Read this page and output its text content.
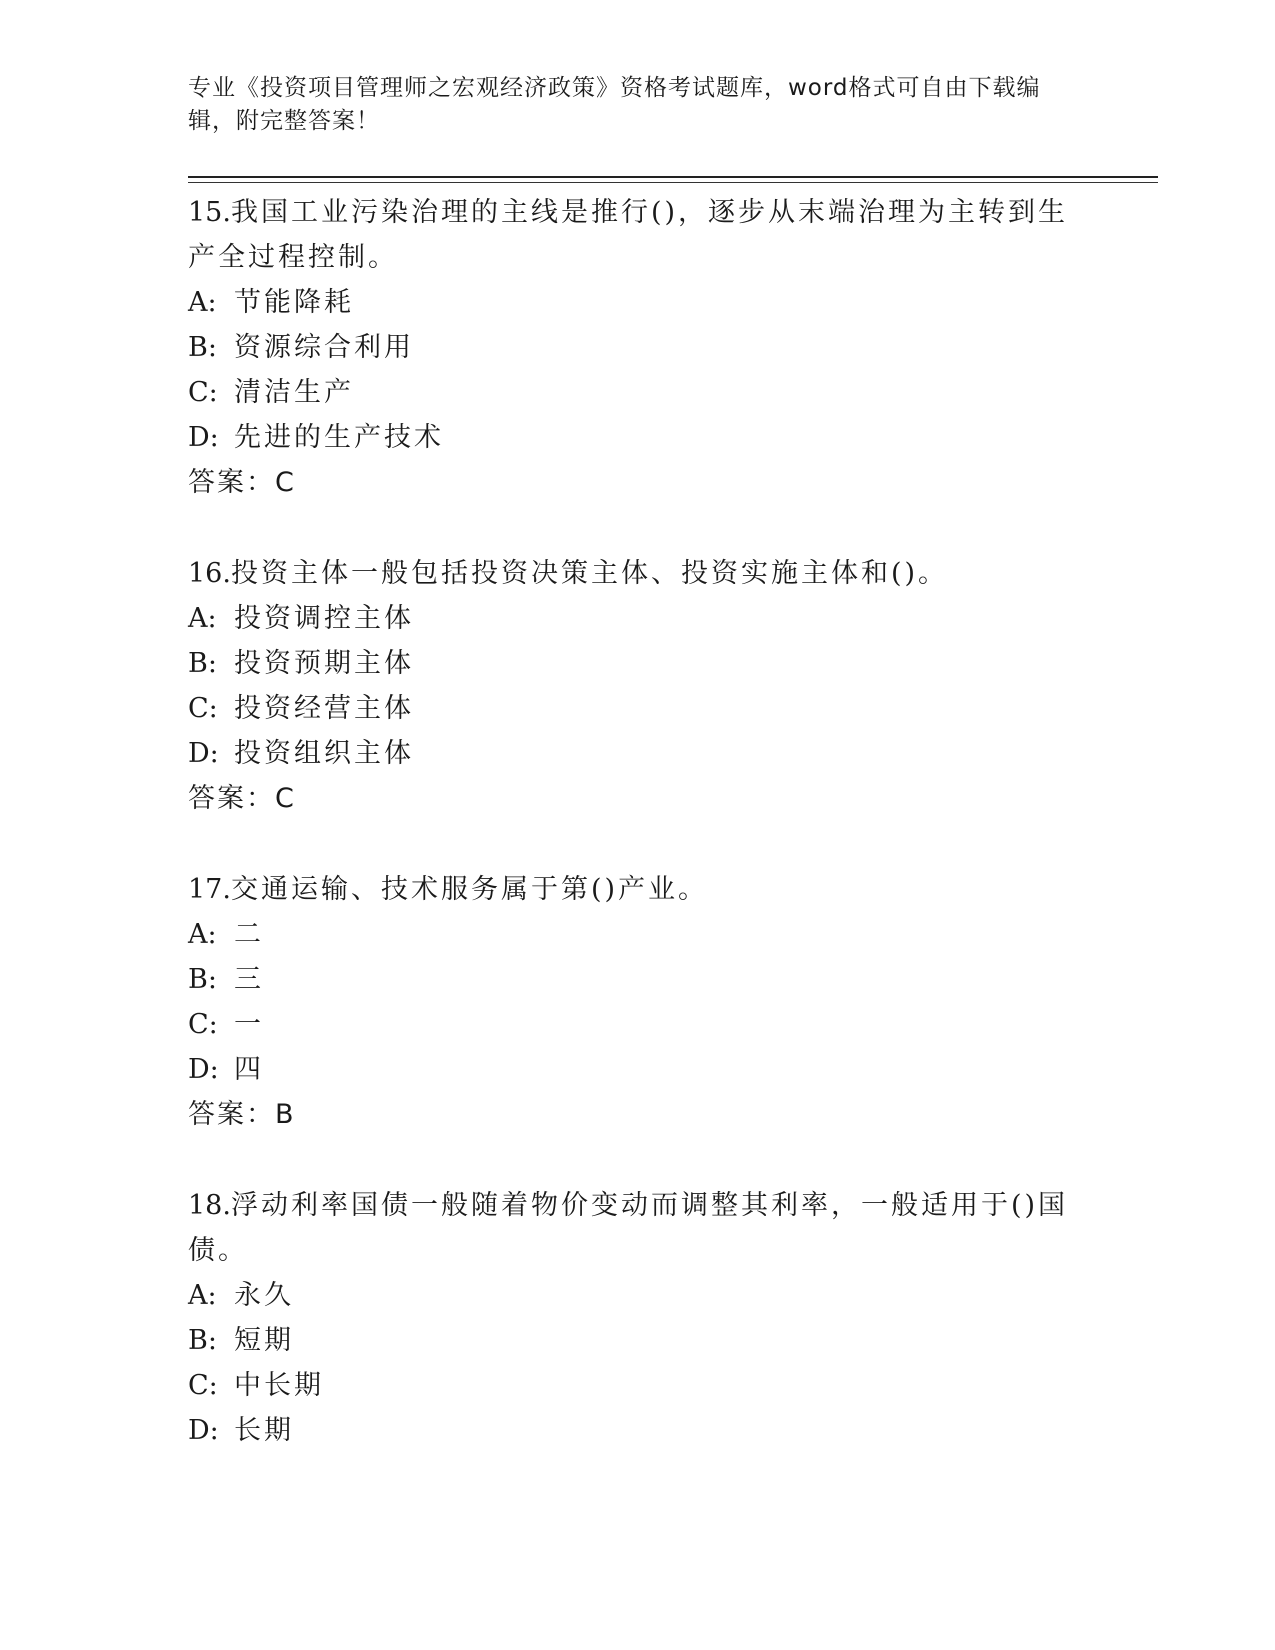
专业《投资项目管理师之宏观经济政策》资格考试题库，word格式可自由下载编辑，附完整答案！
15.我国工业污染治理的主线是推行()，逐步从末端治理为主转到生产全过程控制。
A: 节能降耗
B: 资源综合利用
C: 清洁生产
D: 先进的生产技术
答案：C
16.投资主体一般包括投资决策主体、投资实施主体和()。
A: 投资调控主体
B: 投资预期主体
C: 投资经营主体
D: 投资组织主体
答案：C
17.交通运输、技术服务属于第()产业。
A: 二
B: 三
C: 一
D: 四
答案：B
18.浮动利率国债一般随着物价变动而调整其利率，一般适用于()国债。
A: 永久
B: 短期
C: 中长期
D: 长期
